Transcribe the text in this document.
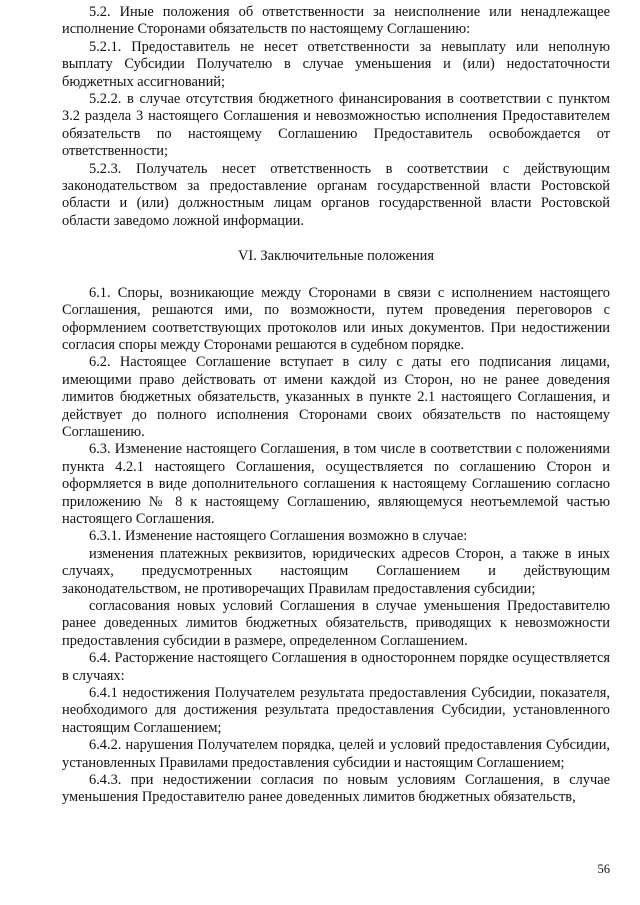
5.2. Иные положения об ответственности за неисполнение или ненадлежащее исполнение Сторонами обязательств по настоящему Соглашению:

5.2.1. Предоставитель не несет ответственности за невыплату или неполную выплату Субсидии Получателю в случае уменьшения и (или) недостаточности бюджетных ассигнований;

5.2.2. в случае отсутствия бюджетного финансирования в соответствии с пунктом 3.2 раздела 3 настоящего Соглашения и невозможностью исполнения Предоставителем обязательств по настоящему Соглашению Предоставитель освобождается от ответственности;

5.2.3. Получатель несет ответственность в соответствии с действующим законодательством за предоставление органам государственной власти Ростовской области и (или) должностным лицам органов государственной власти Ростовской области заведомо ложной информации.

VI. Заключительные положения

6.1. Споры, возникающие между Сторонами в связи с исполнением настоящего Соглашения, решаются ими, по возможности, путем проведения переговоров с оформлением соответствующих протоколов или иных документов. При недостижении согласия споры между Сторонами решаются в судебном порядке.

6.2. Настоящее Соглашение вступает в силу с даты его подписания лицами, имеющими право действовать от имени каждой из Сторон, но не ранее доведения лимитов бюджетных обязательств, указанных в пункте 2.1 настоящего Соглашения, и действует до полного исполнения Сторонами своих обязательств по настоящему Соглашению.

6.3. Изменение настоящего Соглашения, в том числе в соответствии с положениями пункта 4.2.1 настоящего Соглашения, осуществляется по соглашению Сторон и оформляется в виде дополнительного соглашения к настоящему Соглашению согласно приложению № 8 к настоящему Соглашению, являющемуся неотъемлемой частью настоящего Соглашения.

6.3.1. Изменение настоящего Соглашения возможно в случае:

изменения платежных реквизитов, юридических адресов Сторон, а также в иных случаях, предусмотренных настоящим Соглашением и действующим законодательством, не противоречащих Правилам предоставления субсидии;

согласования новых условий Соглашения в случае уменьшения Предоставителю ранее доведенных лимитов бюджетных обязательств, приводящих к невозможности предоставления субсидии в размере, определенном Соглашением.

6.4. Расторжение настоящего Соглашения в одностороннем порядке осуществляется в случаях:

6.4.1 недостижения Получателем результата предоставления Субсидии, показателя, необходимого для достижения результата предоставления Субсидии, установленного настоящим Соглашением;

6.4.2. нарушения Получателем порядка, целей и условий предоставления Субсидии, установленных Правилами предоставления субсидии и настоящим Соглашением;

6.4.3. при недостижении согласия по новым условиям Соглашения, в случае уменьшения Предоставителю ранее доведенных лимитов бюджетных обязательств,

56
